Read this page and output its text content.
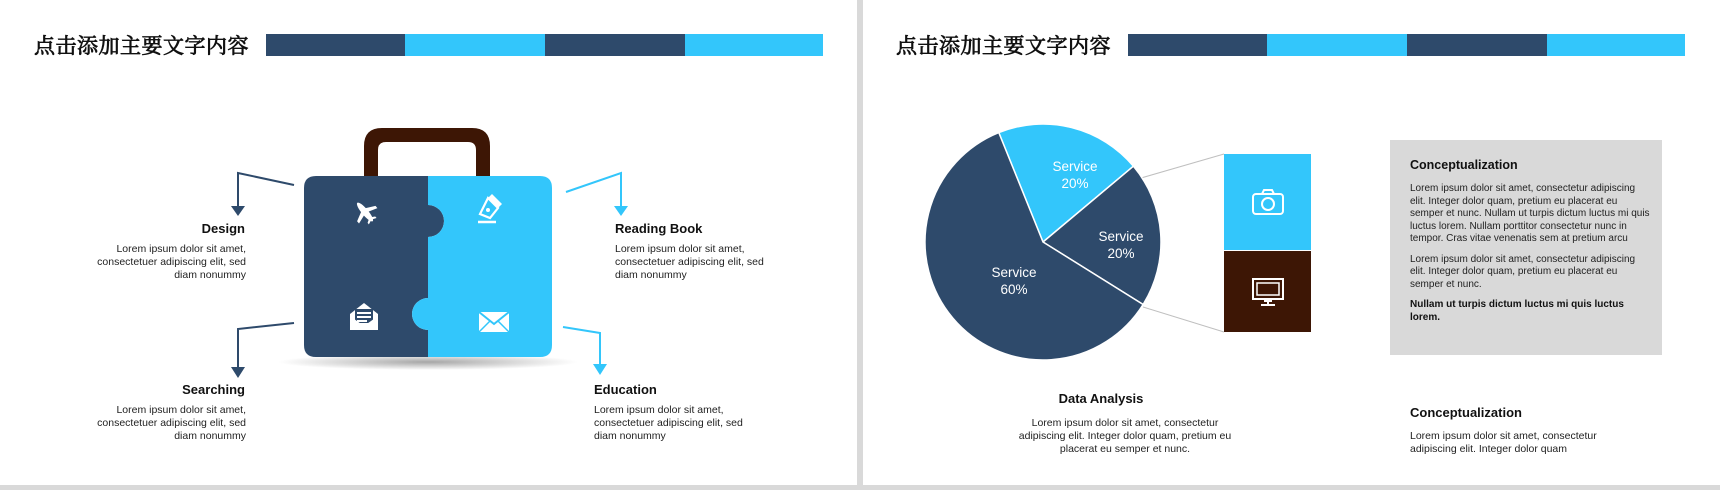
点击添加主要文字内容
Design
Lorem ipsum dolor sit amet, consectetuer adipiscing elit, sed diam nonummy
Reading Book
Lorem ipsum dolor sit amet, consectetuer adipiscing elit, sed diam nonummy
Searching
Lorem ipsum dolor sit amet, consectetuer adipiscing elit, sed diam nonummy
Education
Lorem ipsum dolor sit amet, consectetuer adipiscing elit, sed diam nonummy
点击添加主要文字内容
Service
20%
Service
20%
Service
60%
Conceptualization
Lorem ipsum dolor sit amet, consectetur adipiscing elit. Integer dolor quam, pretium eu placerat eu semper et nunc. Nullam ut turpis dictum luctus mi quis luctus lorem. Nullam porttitor consectetur nunc in tempor. Cras vitae venenatis sem at pretium arcu
Lorem ipsum dolor sit amet, consectetur adipiscing elit. Integer dolor quam, pretium eu placerat eu semper et nunc.
Nullam ut turpis dictum luctus mi quis luctus lorem.
Data Analysis
Lorem ipsum dolor sit amet, consectetur adipiscing elit. Integer dolor quam, pretium eu placerat eu semper et nunc.
Conceptualization
Lorem ipsum dolor sit amet, consectetur adipiscing elit. Integer dolor quam
